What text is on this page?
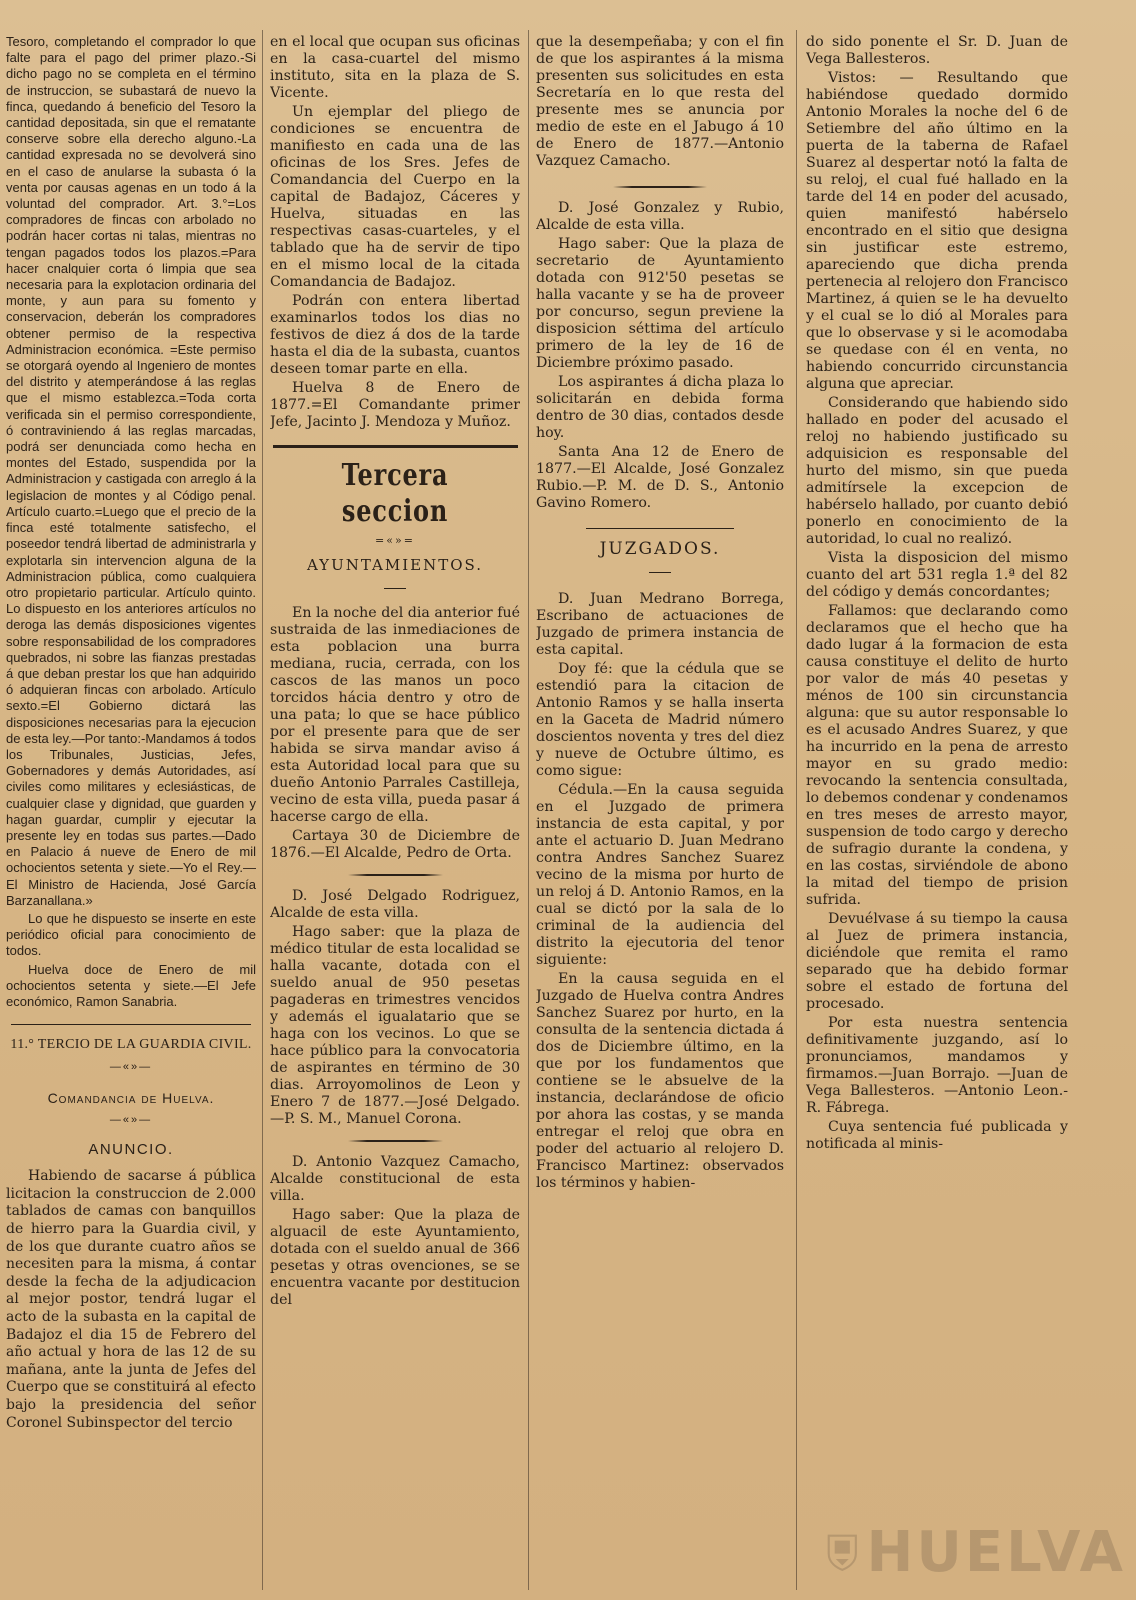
Tesoro, completando el comprador lo que falte para el pago del primer plazo.-Si dicho pago no se completa en el término de instruccion, se subastará de nuevo la finca, quedando á beneficio del Tesoro la cantidad depositada, sin que el rematante conserve sobre ella derecho alguno.-La cantidad expresada no se devolverá sino en el caso de anularse la subasta ó la venta por causas agenas en un todo á la voluntad del comprador. Art. 3.°=Los compradores de fincas con arbolado no podrán hacer cortas ni talas, mientras no tengan pagados todos los plazos.=Para hacer cnalquier corta ó limpia que sea necesaria para la explotacion ordinaria del monte, y aun para su fomento y conservacion, deberán los compradores obtener permiso de la respectiva Administracion económica. =Este permiso se otorgará oyendo al Ingeniero de montes del distrito y atemperándose á las reglas que el mismo establezca.=Toda corta verificada sin el permiso correspondiente, ó contraviniendo á las reglas marcadas, podrá ser denunciada como hecha en montes del Estado, suspendida por la Administracion y castigada con arreglo á la legislacion de montes y al Código penal. Artículo cuarto.=Luego que el precio de la finca esté totalmente satisfecho, el poseedor tendrá libertad de administrarla y explotarla sin intervencion alguna de la Administracion pública, como cualquiera otro propietario particular. Artículo quinto. Lo dispuesto en los anteriores artículos no deroga las demás disposiciones vigentes sobre responsabilidad de los compradores quebrados, ni sobre las fianzas prestadas á que deban prestar los que han adquirido ó adquieran fincas con arbolado. Artículo sexto.=El Gobierno dictará las disposiciones necesarias para la ejecucion de esta ley.—Por tanto:-Mandamos á todos los Tribunales, Justicias, Jefes, Gobernadores y demás Autoridades, así civiles como militares y eclesiásticas, de cualquier clase y dignidad, que guarden y hagan guardar, cumplir y ejecutar la presente ley en todas sus partes.—Dado en Palacio á nueve de Enero de mil ochocientos setenta y siete.—Yo el Rey.—El Ministro de Hacienda, José García Barzanallana.»

Lo que he dispuesto se inserte en este periódico oficial para conocimiento de todos.

Huelva doce de Enero de mil ochocientos setenta y siete.—El Jefe económico, Ramon Sanabria.

11.° TERCIO DE LA GUARDIA CIVIL.
—«»—
Comandancia de Huelva.
—«»—
ANUNCIO.

Habiendo de sacarse á pública licitacion la construccion de 2.000 tablados de camas con banquillos de hierro para la Guardia civil, y de los que durante cuatro años se necesiten para la misma, á contar desde la fecha de la adjudicacion al mejor postor, tendrá lugar el acto de la subasta en la capital de Badajoz el dia 15 de Febrero del año actual y hora de las 12 de su mañana, ante la junta de Jefes del Cuerpo que se constituirá al efecto bajo la presidencia del señor Coronel Subinspector del tercio

en el local que ocupan sus oficinas en la casa-cuartel del mismo instituto, sita en la plaza de S. Vicente.

Un ejemplar del pliego de condiciones se encuentra de manifiesto en cada una de las oficinas de los Sres. Jefes de Comandancia del Cuerpo en la capital de Badajoz, Cáceres y Huelva, situadas en las respectivas casas-cuarteles, y el tablado que ha de servir de tipo en el mismo local de la citada Comandancia de Badajoz.

Podrán con entera libertad examinarlos todos los dias no festivos de diez á dos de la tarde hasta el dia de la subasta, cuantos deseen tomar parte en ella.

Huelva 8 de Enero de 1877.=El Comandante primer Jefe, Jacinto J. Mendoza y Muñoz.

Tercera seccion
=«»=
AYUNTAMIENTOS.

En la noche del dia anterior fué sustraida de las inmediaciones de esta poblacion una burra mediana, rucia, cerrada, con los cascos de las manos un poco torcidos hácia dentro y otro de una pata; lo que se hace público por el presente para que de ser habida se sirva mandar aviso á esta Autoridad local para que su dueño Antonio Parrales Castilleja, vecino de esta villa, pueda pasar á hacerse cargo de ella.

Cartaya 30 de Diciembre de 1876.—El Alcalde, Pedro de Orta.

D. José Delgado Rodriguez, Alcalde de esta villa.

Hago saber: que la plaza de médico titular de esta localidad se halla vacante, dotada con el sueldo anual de 950 pesetas pagaderas en trimestres vencidos y además el igualatario que se haga con los vecinos. Lo que se hace público para la convocatoria de aspirantes en término de 30 dias. Arroyomolinos de Leon y Enero 7 de 1877.—José Delgado.—P. S. M., Manuel Corona.

D. Antonio Vazquez Camacho, Alcalde constitucional de esta villa.

Hago saber: Que la plaza de alguacil de este Ayuntamiento, dotada con el sueldo anual de 366 pesetas y otras ovenciones, se se encuentra vacante por destitucion del

que la desempeñaba; y con el fin de que los aspirantes á la misma presenten sus solicitudes en esta Secretaría en lo que resta del presente mes se anuncia por medio de este en el Jabugo á 10 de Enero de 1877.—Antonio Vazquez Camacho.

D. José Gonzalez y Rubio, Alcalde de esta villa.

Hago saber: Que la plaza de secretario de Ayuntamiento dotada con 912'50 pesetas se halla vacante y se ha de proveer por concurso, segun previene la disposicion séttima del artículo primero de la ley de 16 de Diciembre próximo pasado.

Los aspirantes á dicha plaza lo solicitarán en debida forma dentro de 30 dias, contados desde hoy.

Santa Ana 12 de Enero de 1877.—El Alcalde, José Gonzalez Rubio.—P. M. de D. S., Antonio Gavino Romero.

JUZGADOS.

D. Juan Medrano Borrega, Escribano de actuaciones de Juzgado de primera instancia de esta capital.

Doy fé: que la cédula que se estendió para la citacion de Antonio Ramos y se halla inserta en la Gaceta de Madrid número doscientos noventa y tres del diez y nueve de Octubre último, es como sigue:

Cédula.—En la causa seguida en el Juzgado de primera instancia de esta capital, y por ante el actuario D. Juan Medrano contra Andres Sanchez Suarez vecino de la misma por hurto de un reloj á D. Antonio Ramos, en la cual se dictó por la sala de lo criminal de la audiencia del distrito la ejecutoria del tenor siguiente:

En la causa seguida en el Juzgado de Huelva contra Andres Sanchez Suarez por hurto, en la consulta de la sentencia dictada á dos de Diciembre último, en la que por los fundamentos que contiene se le absuelve de la instancia, declarándose de oficio por ahora las costas, y se manda entregar el reloj que obra en poder del actuario al relojero D. Francisco Martinez: observados los términos y habien-

do sido ponente el Sr. D. Juan de Vega Ballesteros.

Vistos: — Resultando que habiéndose quedado dormido Antonio Morales la noche del 6 de Setiembre del año último en la puerta de la taberna de Rafael Suarez al despertar notó la falta de su reloj, el cual fué hallado en la tarde del 14 en poder del acusado, quien manifestó habérselo encontrado en el sitio que designa sin justificar este estremo, apareciendo que dicha prenda pertenecia al relojero don Francisco Martinez, á quien se le ha devuelto y el cual se lo dió al Morales para que lo observase y si le acomodaba se quedase con él en venta, no habiendo concurrido circunstancia alguna que apreciar.

Considerando que habiendo sido hallado en poder del acusado el reloj no habiendo justificado su adquisicion es responsable del hurto del mismo, sin que pueda admitírsele la excepcion de habérselo hallado, por cuanto debió ponerlo en conocimiento de la autoridad, lo cual no realizó.

Vista la disposicion del mismo cuanto del art 531 regla 1.ª del 82 del código y demás concordantes;

Fallamos: que declarando como declaramos que el hecho que ha dado lugar á la formacion de esta causa constituye el delito de hurto por valor de más 40 pesetas y ménos de 100 sin circunstancia alguna: que su autor responsable lo es el acusado Andres Suarez, y que ha incurrido en la pena de arresto mayor en su grado medio: revocando la sentencia consultada, lo debemos condenar y condenamos en tres meses de arresto mayor, suspension de todo cargo y derecho de sufragio durante la condena, y en las costas, sirviéndole de abono la mitad del tiempo de prision sufrida.

Devuélvase á su tiempo la causa al Juez de primera instancia, diciéndole que remita el ramo separado que ha debido formar sobre el estado de fortuna del procesado.

Por esta nuestra sentencia definitivamente juzgando, así lo pronunciamos, mandamos y firmamos.—Juan Borrajo. —Juan de Vega Ballesteros. —Antonio Leon.-R. Fábrega.

Cuya sentencia fué publicada y notificada al minis-

HUELVA
